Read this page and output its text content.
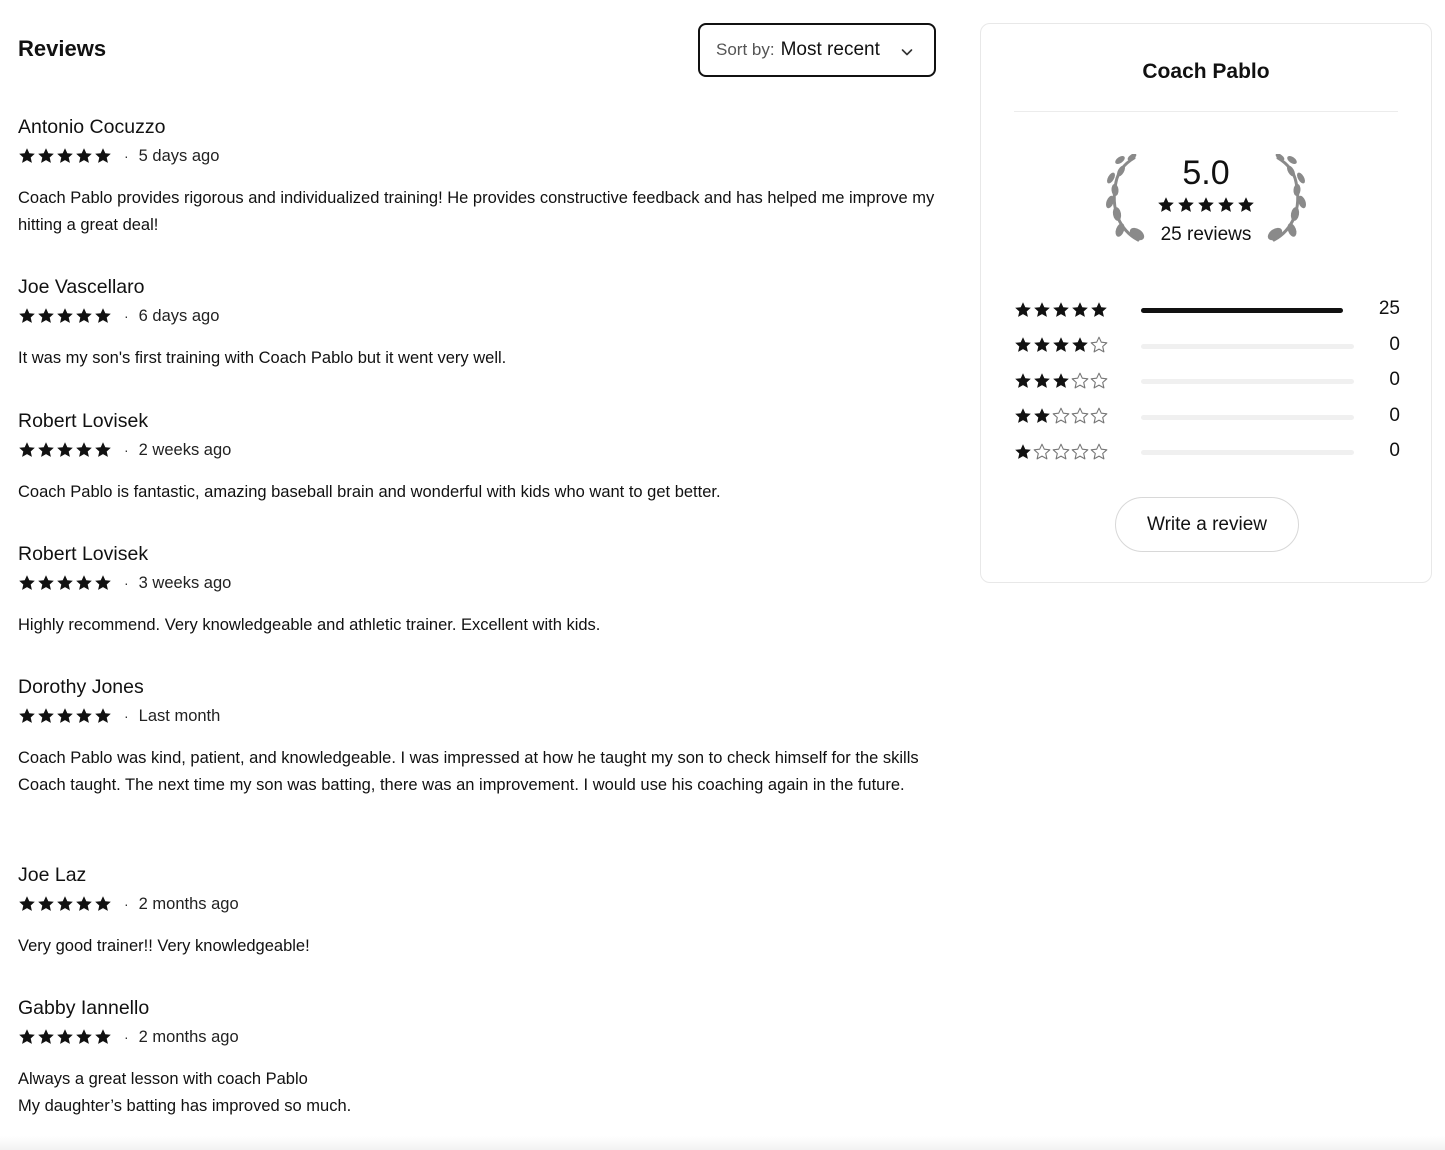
Reviews	Sort by: Most recent
Antonio Cocuzzo
· 5 days ago

Coach Pablo provides rigorous and individualized training! He provides constructive feedback and has helped me improve my hitting a great deal!

Joe Vascellaro
· 6 days ago

It was my son's first training with Coach Pablo but it went very well.

Robert Lovisek
· 2 weeks ago

Coach Pablo is fantastic, amazing baseball brain and wonderful with kids who want to get better.

Robert Lovisek
· 3 weeks ago

Highly recommend. Very knowledgeable and athletic trainer. Excellent with kids.

Dorothy Jones
· Last month

Coach Pablo was kind, patient, and knowledgeable. I was impressed at how he taught my son to check himself for the skills Coach taught. The next time my son was batting, there was an improvement. I would use his coaching again in the future.

Joe Laz
· 2 months ago

Very good trainer!! Very knowledgeable!

Gabby Iannello
· 2 months ago

Always a great lesson with coach Pablo

My daughter’s batting has improved so much.

Coach Pablo
5.0
25 reviews
25
0
0
0
0
Write a review
